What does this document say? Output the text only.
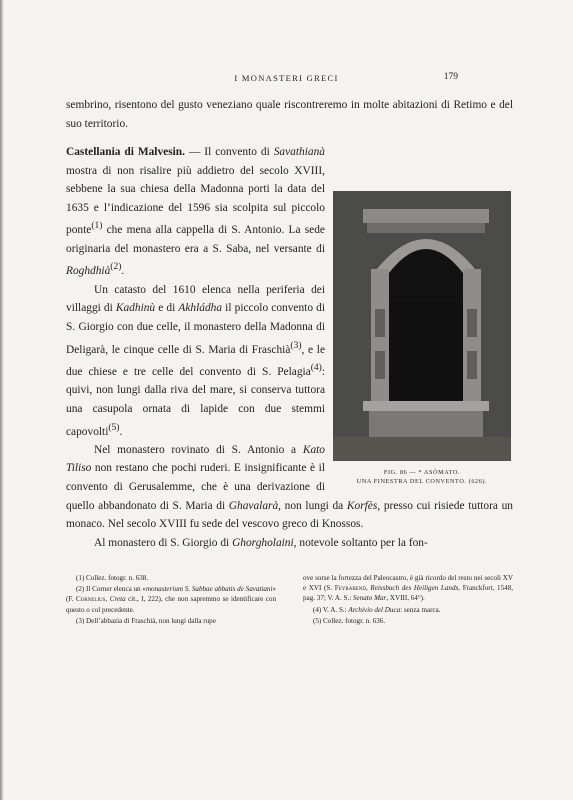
I MONASTERI GRECI	179

sembrino, risentono del gusto veneziano quale riscontreremo in molte abitazioni di Retimo e del suo territorio.

FIG. 86 — * ASÒMATO.
UNA FINESTRA DEL CONVENTO. (626).

Castellania di Malvesin. — Il convento di Savathianà mostra di non risalire più addietro del secolo XVIII, sebbene la sua chiesa della Madonna porti la data del 1635 e l’indicazione del 1596 sia scolpita sul piccolo ponte$^{(1)}$ che mena alla cappella di S. Antonio. La sede originaria del monastero era a S. Saba, nel versante di Roghdhià$^{(2)}$.

Un catasto del 1610 elenca nella periferia dei villaggi di Kadhinù e di Akhládha il piccolo convento di S. Giorgio con due celle, il monastero della Madonna di Deligarà, le cinque celle di S. Maria di Fraschià$^{(3)}$, e le due chiese e tre celle del convento di S. Pelagia$^{(4)}$: quivi, non lungi dalla riva del mare, si conserva tuttora una casupola ornata di lapide con due stemmi capovolti$^{(5)}$.

Nel monastero rovinato di S. Antonio a Kato Tiliso non restano che pochi ruderi. E insignificante è il convento di Gerusalemme, che è una derivazione di quello abbandonato di S. Maria di Ghavalarà, non lungi da Korfès, presso cui risiede tuttora un monaco. Nel secolo XVIII fu sede del vescovo greco di Knossos.

Al monastero di S. Giorgio di Ghorgholaini, notevole soltanto per la fon-

(1) Collez. fotogr. n. 638.

(2) Il Corner elenca un «monasterium S. Sabbae abbatis de Savatiani» (F. Cornelius, Creta cit., I, 222), che non sapremmo se identificare con questo o col precedente.

(3) Dell’abbazia di Fraschià, non lungi dalla rupe

ove sorse la fortezza del Paleocastro, è già ricordo del resto nei secoli XV e XVI (S. Feyrabend, Reissbuch des Heiligen Lands, Franckfort, 1548, pag. 37; V. A. S.: Senato Mar, XVIII, 64°).

(4) V. A. S.: Archivio del Duca: senza marca.

(5) Collez. fotogr. n. 636.
